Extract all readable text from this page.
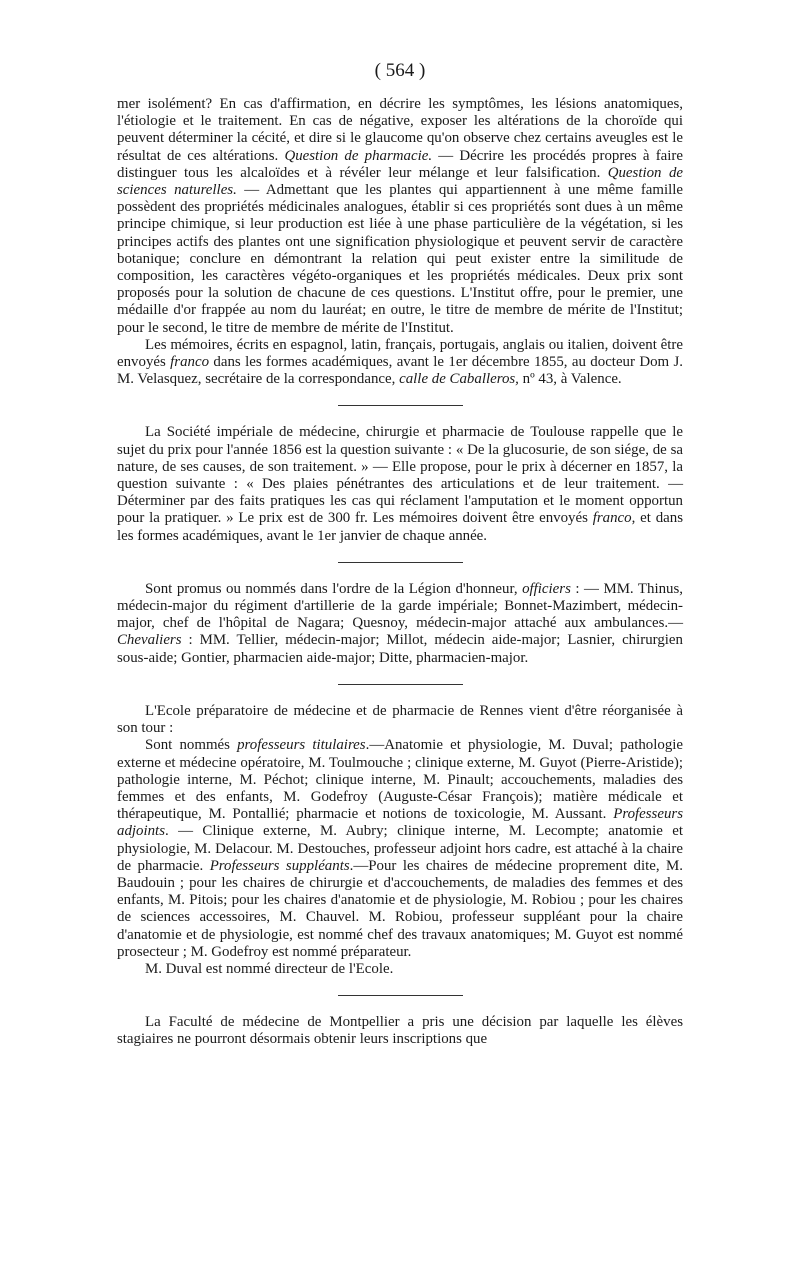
( 564 )

mer isolément? En cas d'affirmation, en décrire les symptômes, les lésions anatomiques, l'étiologie et le traitement. En cas de négative, exposer les altérations de la choroïde qui peuvent déterminer la cécité, et dire si le glaucome qu'on observe chez certains aveugles est le résultat de ces altérations. Question de pharmacie. — Décrire les procédés propres à faire distinguer tous les alcaloïdes et à révéler leur mélange et leur falsification. Question de sciences naturelles. — Admettant que les plantes qui appartiennent à une même famille possèdent des propriétés médicinales analogues, établir si ces propriétés sont dues à un même principe chimique, si leur production est liée à une phase particulière de la végétation, si les principes actifs des plantes ont une signification physiologique et peuvent servir de caractère botanique; conclure en démontrant la relation qui peut exister entre la similitude de composition, les caractères végéto-organiques et les propriétés médicales. Deux prix sont proposés pour la solution de chacune de ces questions. L'Institut offre, pour le premier, une médaille d'or frappée au nom du lauréat; en outre, le titre de membre de mérite de l'Institut; pour le second, le titre de membre de mérite de l'Institut.

Les mémoires, écrits en espagnol, latin, français, portugais, anglais ou italien, doivent être envoyés franco dans les formes académiques, avant le 1er décembre 1855, au docteur Dom J. M. Velasquez, secrétaire de la correspondance, calle de Caballeros, nº 43, à Valence.

La Société impériale de médecine, chirurgie et pharmacie de Toulouse rappelle que le sujet du prix pour l'année 1856 est la question suivante : « De la glucosurie, de son siége, de sa nature, de ses causes, de son traitement. » — Elle propose, pour le prix à décerner en 1857, la question suivante : « Des plaies pénétrantes des articulations et de leur traitement. — Déterminer par des faits pratiques les cas qui réclament l'amputation et le moment opportun pour la pratiquer. » Le prix est de 300 fr. Les mémoires doivent être envoyés franco, et dans les formes académiques, avant le 1er janvier de chaque année.

Sont promus ou nommés dans l'ordre de la Légion d'honneur, officiers : — MM. Thinus, médecin-major du régiment d'artillerie de la garde impériale; Bonnet-Mazimbert, médecin-major, chef de l'hôpital de Nagara; Quesnoy, médecin-major attaché aux ambulances.—Chevaliers : MM. Tellier, médecin-major; Millot, médecin aide-major; Lasnier, chirurgien sous-aide; Gontier, pharmacien aide-major; Ditte, pharmacien-major.

L'Ecole préparatoire de médecine et de pharmacie de Rennes vient d'être réorganisée à son tour :

Sont nommés professeurs titulaires.—Anatomie et physiologie, M. Duval; pathologie externe et médecine opératoire, M. Toulmouche ; clinique externe, M. Guyot (Pierre-Aristide); pathologie interne, M. Péchot; clinique interne, M. Pinault; accouchements, maladies des femmes et des enfants, M. Godefroy (Auguste-César François); matière médicale et thérapeutique, M. Pontallié; pharmacie et notions de toxicologie, M. Aussant. Professeurs adjoints. — Clinique externe, M. Aubry; clinique interne, M. Lecompte; anatomie et physiologie, M. Delacour. M. Destouches, professeur adjoint hors cadre, est attaché à la chaire de pharmacie. Professeurs suppléants.—Pour les chaires de médecine proprement dite, M. Baudouin ; pour les chaires de chirurgie et d'accouchements, de maladies des femmes et des enfants, M. Pitois; pour les chaires d'anatomie et de physiologie, M. Robiou ; pour les chaires de sciences accessoires, M. Chauvel. M. Robiou, professeur suppléant pour la chaire d'anatomie et de physiologie, est nommé chef des travaux anatomiques; M. Guyot est nommé prosecteur ; M. Godefroy est nommé préparateur.

M. Duval est nommé directeur de l'Ecole.

La Faculté de médecine de Montpellier a pris une décision par laquelle les élèves stagiaires ne pourront désormais obtenir leurs inscriptions que
